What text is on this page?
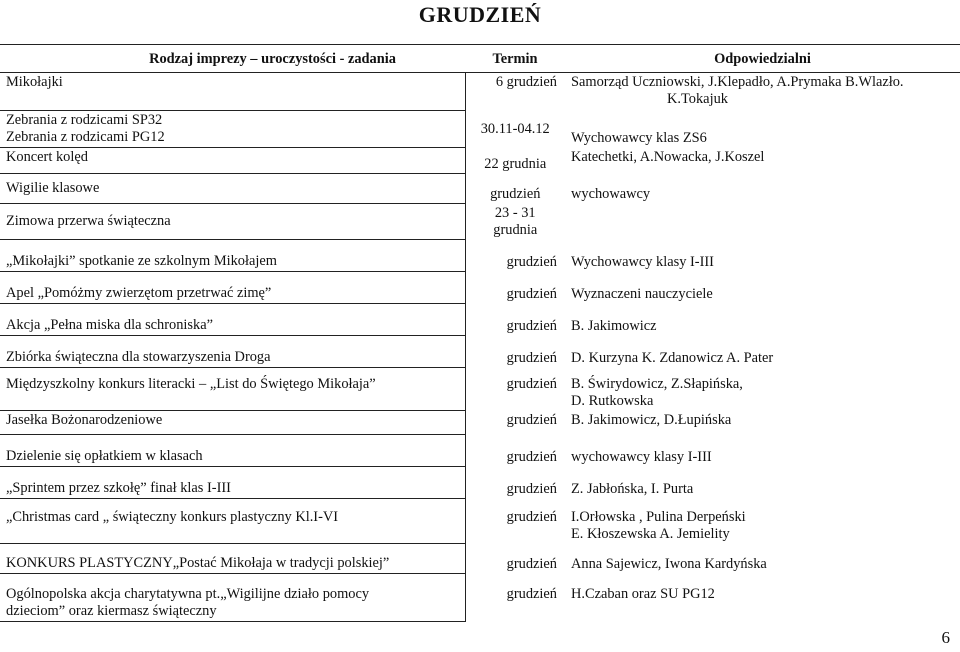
GRUDZIEŃ
Rodzaj imprezy – uroczystości - zadania	Termin	Odpowiedzialni
Mikołajki	6 grudzień	Samorząd Uczniowski, J.Klepadło, A.Prymaka B.Wlazło.

K.Tokajuk

Zebrania z rodzicami SP32
Zebrania z rodzicami PG12	30.11-04.12	Wychowawcy klas ZS6
Koncert kolęd	22 grudnia	Katechetki, A.Nowacka, J.Koszel
Wigilie klasowe	grudzień	wychowawcy
Zimowa przerwa świąteczna	23 - 31 grudnia	
„Mikołajki” spotkanie ze szkolnym Mikołajem	grudzień	Wychowawcy klasy I-III
Apel „Pomóżmy zwierzętom przetrwać zimę”	grudzień	Wyznaczeni nauczyciele
Akcja „Pełna miska dla schroniska”	grudzień	B. Jakimowicz
Zbiórka świąteczna dla stowarzyszenia Droga	grudzień	D. Kurzyna K. Zdanowicz A. Pater
Międzyszkolny konkurs literacki – „List do Świętego Mikołaja”	grudzień	B. Świrydowicz, Z.Słapińska,
D. Rutkowska
Jasełka Bożonarodzeniowe	grudzień	B. Jakimowicz, D.Łupińska
Dzielenie się opłatkiem w klasach	grudzień	wychowawcy klasy I-III
„Sprintem przez szkołę” finał klas I-III	grudzień	Z. Jabłońska, I. Purta
„Christmas card „ świąteczny konkurs plastyczny Kl.I-VI	grudzień	I.Orłowska , Pulina Derpeński
E. Kłoszewska A. Jemielity
KONKURS PLASTYCZNY„Postać Mikołaja w tradycji polskiej”	grudzień	Anna Sajewicz, Iwona Kardyńska
Ogólnopolska akcja charytatywna pt.„Wigilijne działo pomocy
dzieciom” oraz kiermasz świąteczny	grudzień	H.Czaban oraz SU PG12
6
